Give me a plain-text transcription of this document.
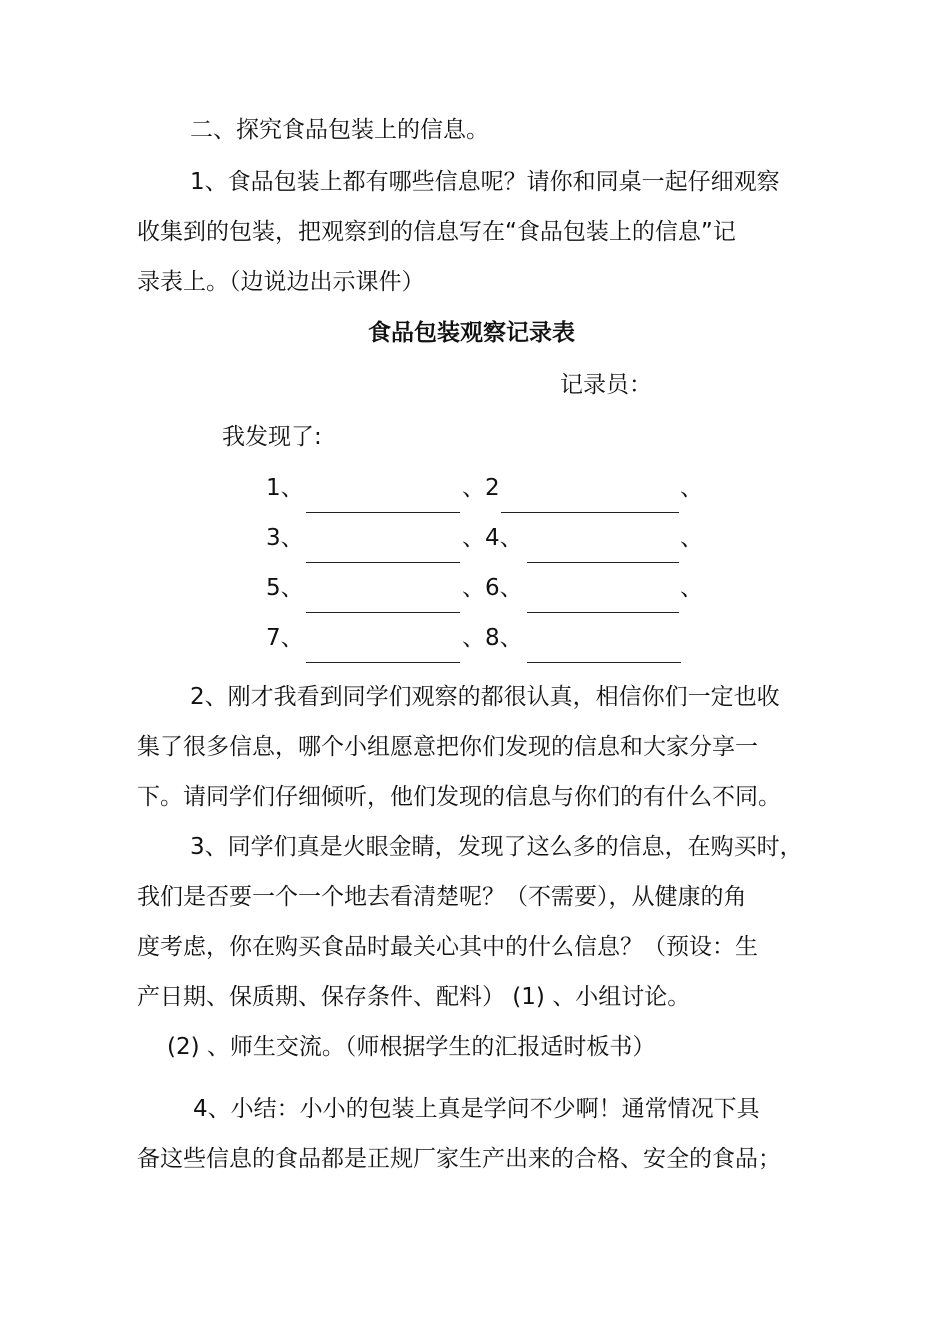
二、探究食品包装上的信息。
1、食品包装上都有哪些信息呢？请你和同桌一起仔细观察
收集到的包装，把观察到的信息写在“食品包装上的信息”记
录表上。（边说边出示课件）
食品包装观察记录表
记录员：
我发现了:
1、	、2	、
3、	、4、	、
5、	、6、	、
7、	、8、
2、刚才我看到同学们观察的都很认真，相信你们一定也收
集了很多信息，哪个小组愿意把你们发现的信息和大家分享一
下。请同学们仔细倾听，他们发现的信息与你们的有什么不同。
3、同学们真是火眼金睛，发现了这么多的信息，在购买时，
我们是否要一个一个地去看清楚呢？（不需要），从健康的角
度考虑，你在购买食品时最关心其中的什么信息？（预设：生
产日期、保质期、保存条件、配料） (1) 、小组讨论。
(2) 、师生交流。（师根据学生的汇报适时板书）
4、小结：小小的包装上真是学问不少啊！通常情况下具
备这些信息的食品都是正规厂家生产出来的合格、安全的食品；
